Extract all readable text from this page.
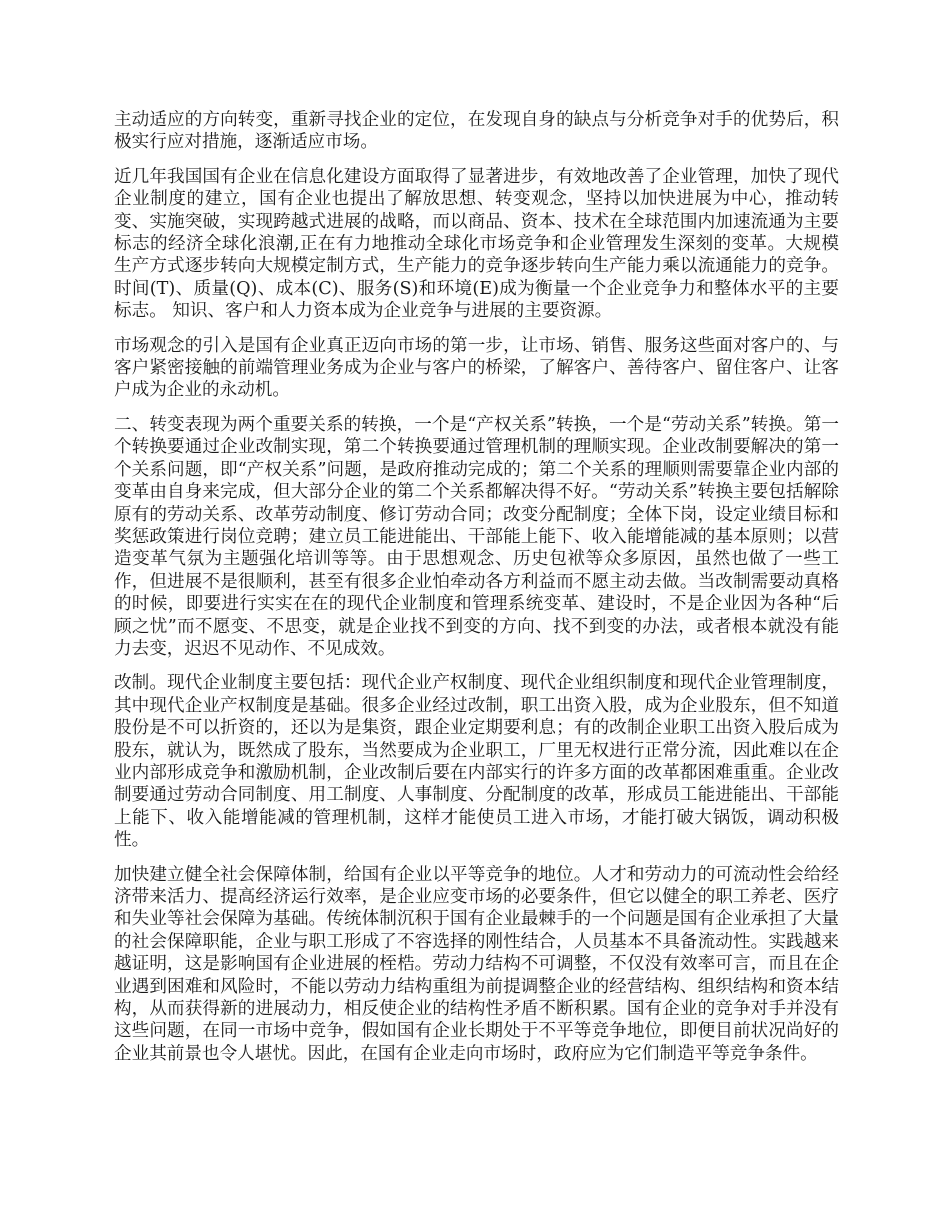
主动适应的方向转变，重新寻找企业的定位，在发现自身的缺点与分析竞争对手的优势后，积极实行应对措施，逐渐适应市场。

近几年我国国有企业在信息化建设方面取得了显著进步，有效地改善了企业管理，加快了现代企业制度的建立，国有企业也提出了解放思想、转变观念，坚持以加快进展为中心，推动转变、实施突破，实现跨越式进展的战略，而以商品、资本、技术在全球范围内加速流通为主要标志的经济全球化浪潮,正在有力地推动全球化市场竞争和企业管理发生深刻的变革。大规模生产方式逐步转向大规模定制方式，生产能力的竞争逐步转向生产能力乘以流通能力的竞争。 时间(T)、质量(Q)、成本(C)、服务(S)和环境(E)成为衡量一个企业竞争力和整体水平的主要标志。 知识、客户和人力资本成为企业竞争与进展的主要资源。

市场观念的引入是国有企业真正迈向市场的第一步，让市场、销售、服务这些面对客户的、与客户紧密接触的前端管理业务成为企业与客户的桥梁，了解客户、善待客户、留住客户、让客户成为企业的永动机。

二、转变表现为两个重要关系的转换，一个是“产权关系”转换，一个是“劳动关系”转换。第一个转换要通过企业改制实现，第二个转换要通过管理机制的理顺实现。企业改制要解决的第一个关系问题，即“产权关系”问题，是政府推动完成的；第二个关系的理顺则需要靠企业内部的变革由自身来完成，但大部分企业的第二个关系都解决得不好。“劳动关系”转换主要包括解除原有的劳动关系、改革劳动制度、修订劳动合同；改变分配制度；全体下岗，设定业绩目标和奖惩政策进行岗位竞聘；建立员工能进能出、干部能上能下、收入能增能减的基本原则；以营造变革气氛为主题强化培训等等。由于思想观念、历史包袱等众多原因，虽然也做了一些工作，但进展不是很顺利，甚至有很多企业怕牵动各方利益而不愿主动去做。当改制需要动真格的时候，即要进行实实在在的现代企业制度和管理系统变革、建设时，不是企业因为各种“后顾之忧”而不愿变、不思变，就是企业找不到变的方向、找不到变的办法，或者根本就没有能力去变，迟迟不见动作、不见成效。

改制。现代企业制度主要包括：现代企业产权制度、现代企业组织制度和现代企业管理制度，其中现代企业产权制度是基础。很多企业经过改制，职工出资入股，成为企业股东，但不知道股份是不可以折资的，还以为是集资，跟企业定期要利息；有的改制企业职工出资入股后成为股东，就认为，既然成了股东，当然要成为企业职工，厂里无权进行正常分流，因此难以在企业内部形成竞争和激励机制，企业改制后要在内部实行的许多方面的改革都困难重重。企业改制要通过劳动合同制度、用工制度、人事制度、分配制度的改革，形成员工能进能出、干部能上能下、收入能增能减的管理机制，这样才能使员工进入市场，才能打破大锅饭，调动积极性。

加快建立健全社会保障体制，给国有企业以平等竞争的地位。人才和劳动力的可流动性会给经济带来活力、提高经济运行效率，是企业应变市场的必要条件，但它以健全的职工养老、医疗和失业等社会保障为基础。传统体制沉积于国有企业最棘手的一个问题是国有企业承担了大量的社会保障职能，企业与职工形成了不容选择的刚性结合，人员基本不具备流动性。实践越来越证明，这是影响国有企业进展的桎梏。劳动力结构不可调整，不仅没有效率可言，而且在企业遇到困难和风险时，不能以劳动力结构重组为前提调整企业的经营结构、组织结构和资本结构，从而获得新的进展动力，相反使企业的结构性矛盾不断积累。国有企业的竞争对手并没有这些问题，在同一市场中竞争，假如国有企业长期处于不平等竞争地位，即便目前状况尚好的企业其前景也令人堪忧。因此，在国有企业走向市场时，政府应为它们制造平等竞争条件。
